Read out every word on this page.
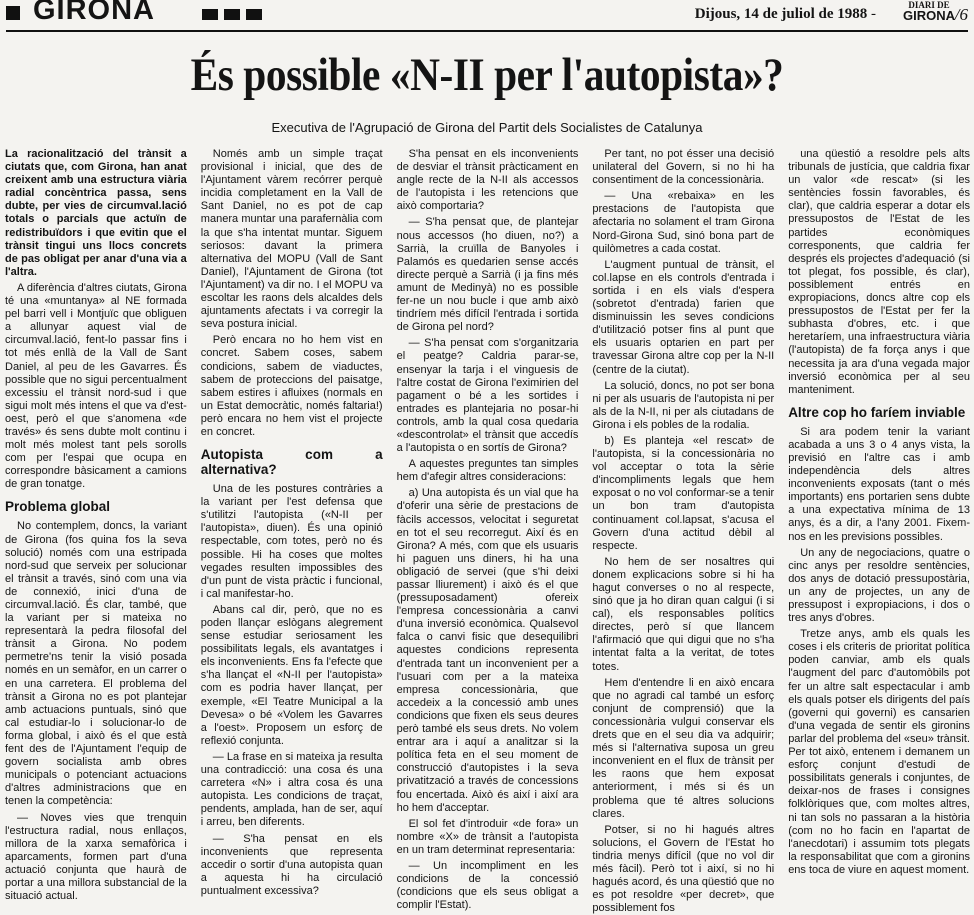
GIRONA	Dijous, 14 de juliol de 1988 -
DIARI DE
GIRONA /6
És possible «N-II per l'autopista»?
Executiva de l'Agrupació de Girona del Partit dels Socialistes de Catalunya

La racionalització del trànsit a ciutats que, com Girona, han anat creixent amb una estructura viària radial concèntrica passa, sens dubte, per vies de circumval.lació totals o parcials que actuïn de redistribuïdors i que evitin que el trànsit tingui uns llocs concrets de pas obligat per anar d'una via a l'altra.

A diferència d'altres ciutats, Girona té una «muntanya» al NE formada pel barri vell i Montjuïc que obliguen a allunyar aquest vial de circumval.lació, fent-lo passar fins i tot més enllà de la Vall de Sant Daniel, al peu de les Gavarres. És possible que no sigui percentualment excessiu el trànsit nord-sud i que sigui molt més intens el que va d'est-oest, però el que s'anomena «de través» és sens dubte molt continu i molt més molest tant pels sorolls com per l'espai que ocupa en correspondre bàsicament a camions de gran tonatge.

Problema global

No contemplem, doncs, la variant de Girona (fos quina fos la seva solució) només com una estripada nord-sud que serveix per solucionar el trànsit a través, sinó com una via de connexió, inici d'una de circumval.lació. És clar, també, que la variant per si mateixa no representarà la pedra filosofal del trànsit a Girona. No podem permetre'ns tenir la visió posada només en un semàfor, en un carrer o en una carretera. El problema del trànsit a Girona no es pot plantejar amb actuacions puntuals, sinó que cal estudiar-lo i solucionar-lo de forma global, i això és el que està fent des de l'Ajuntament l'equip de govern socialista amb obres municipals o potenciant actuacions d'altres administracions que en tenen la competència:

— Noves vies que trenquin l'estructura radial, nous enllaços, millora de la xarxa semafòrica i aparcaments, formen part d'una actuació conjunta que haurà de portar a una millora substancial de la situació actual.

Només amb un simple traçat provisional i inicial, que des de l'Ajuntament vàrem recórrer perquè incidia completament en la Vall de Sant Daniel, no es pot de cap manera muntar una parafernàlia com la que s'ha intentat muntar. Siguem seriosos: davant la primera alternativa del MOPU (Vall de Sant Daniel), l'Ajuntament de Girona (tot l'Ajuntament) va dir no. I el MOPU va escoltar les raons dels alcaldes dels ajuntaments afectats i va corregir la seva postura inicial.

Però encara no ho hem vist en concret. Sabem coses, sabem condicions, sabem de viaductes, sabem de proteccions del paisatge, sabem estires i afluixes (normals en un Estat democràtic, només faltaria!) però encara no hem vist el projecte en concret.

Autopista com a alternativa?

Una de les postures contràries a la variant per l'est defensa que s'utilitzi l'autopista («N-II per l'autopista», diuen). És una opinió respectable, com totes, però no és possible. Hi ha coses que moltes vegades resulten impossibles des d'un punt de vista pràctic i funcional, i cal manifestar-ho.

Abans cal dir, però, que no es poden llançar eslògans alegrement sense estudiar seriosament les possibilitats legals, els avantatges i els inconvenients. Ens fa l'efecte que s'ha llançat el «N-II per l'autopista» com es podria haver llançat, per exemple, «El Teatre Municipal a la Devesa» o bé «Volem les Gavarres a l'oest». Proposem un esforç de reflexió conjunta.

— La frase en si mateixa ja resulta una contradicció: una cosa és una carretera «N» i altra cosa és una autopista. Les condicions de traçat, pendents, amplada, han de ser, aquí i arreu, ben diferents.

— S'ha pensat en els inconvenients que representa accedir o sortir d'una autopista quan a aquesta hi ha circulació puntualment excessiva?

S'ha pensat en els inconvenients de desviar el trànsit pràcticament en angle recte de la N-II als accessos de l'autopista i les retencions que això comportaria?

— S'ha pensat que, de plantejar nous accessos (ho diuen, no?) a Sarrià, la cruïlla de Banyoles i Palamós es quedarien sense accés directe perquè a Sarrià (i ja fins més amunt de Medinyà) no es possible fer-ne un nou bucle i que amb això tindríem més difícil l'entrada i sortida de Girona pel nord?

— S'ha pensat com s'organitzaria el peatge? Caldria parar-se, ensenyar la tarja i el vinguesis de l'altre costat de Girona l'eximirien del pagament o bé a les sortides i entrades es plantejaria no posar-hi controls, amb la qual cosa quedaria «descontrolat» el trànsit que accedís a l'autopista o en sortís de Girona?

A aquestes preguntes tan simples hem d'afegir altres consideracions:

a) Una autopista és un vial que ha d'oferir una sèrie de prestacions de fàcils accessos, velocitat i seguretat en tot el seu recorregut. Així és en Girona? A més, com que els usuaris hi paguen uns diners, hi ha una obligació de servei (que s'hi deixi passar lliurement) i això és el que (pressuposadament) ofereix l'empresa concessionària a canvi d'una inversió econòmica. Qualsevol falca o canvi fisic que desequilibri aquestes condicions representa d'entrada tant un inconvenient per a l'usuari com per a la mateixa empresa concessionària, que accedeix a la concessió amb unes condicions que fixen els seus deures però també els seus drets. No volem entrar ara i aquí a analitzar si la política feta en el seu moment de construcció d'autopistes i la seva privatització a través de concessions fou encertada. Això és així i així ara ho hem d'acceptar.

El sol fet d'introduir «de fora» un nombre «X» de trànsit a l'autopista en un tram determinat representaria:

— Un incompliment en les condicions de la concessió (condicions que els seus obligat a complir l'Estat).

Per tant, no pot ésser una decisió unilateral del Govern, si no hi ha consentiment de la concessionària.

— Una «rebaixa» en les prestacions de l'autopista que afectaria no solament el tram Girona Nord-Girona Sud, sinó bona part de quilòmetres a cada costat.

L'augment puntual de trànsit, el col.lapse en els controls d'entrada i sortida i en els vials d'espera (sobretot d'entrada) farien que disminuissin les seves condicions d'utilització potser fins al punt que els usuaris optarien en part per travessar Girona altre cop per la N-II (centre de la ciutat).

La solució, doncs, no pot ser bona ni per als usuaris de l'autopista ni per als de la N-II, ni per als ciutadans de Girona i els pobles de la rodalia.

b) Es planteja «el rescat» de l'autopista, si la concessionària no vol acceptar o tota la sèrie d'incompliments legals que hem exposat o no vol conformar-se a tenir un bon tram d'autopista continuament col.lapsat, s'acusa el Govern d'una actitud dèbil al respecte.

No hem de ser nosaltres qui donem explicacions sobre si hi ha hagut converses o no al respecte, sinó que ja ho diran quan calgui (i si cal), els responsables polítics directes, però sí que llancem l'afirmació que qui digui que no s'ha intentat falta a la veritat, de totes totes.

Hem d'entendre li en això encara que no agradi cal també un esforç conjunt de comprensió) que la concessionària vulgui conservar els drets que en el seu dia va adquirir; més si l'alternativa suposa un greu inconvenient en el flux de trànsit per les raons que hem exposat anteriorment, i més si és un problema que té altres solucions clares.

Potser, si no hi hagués altres solucions, el Govern de l'Estat ho tindria menys difícil (que no vol dir més fàcil). Però tot i així, si no hi hagués acord, és una qüestió que no es pot resoldre «per decret», que possiblement fos

una qüestió a resoldre pels alts tribunals de justícia, que caldria fixar un valor «de rescat» (si les sentències fossin favorables, és clar), que caldria esperar a dotar els pressupostos de l'Estat de les partides econòmiques corresponents, que caldria fer després els projectes d'adequació (si tot plegat, fos possible, és clar), possiblement entrés en expropiacions, doncs altre cop els pressupostos de l'Estat per fer la subhasta d'obres, etc. i que heretaríem, una infraestructura viària (l'autopista) de fa força anys i que necessita ja ara d'una vegada major inversió econòmica per al seu manteniment.

Altre cop ho faríem inviable

Si ara podem tenir la variant acabada a uns 3 o 4 anys vista, la previsió en l'altre cas i amb independència dels altres inconvenients exposats (tant o més importants) ens portarien sens dubte a una expectativa mínima de 13 anys, és a dir, a l'any 2001. Fixem-nos en les previsions possibles.

Un any de negociacions, quatre o cinc anys per resoldre sentències, dos anys de dotació pressupostària, un any de projectes, un any de pressupost i expropiacions, i dos o tres anys d'obres.

Tretze anys, amb els quals les coses i els criteris de prioritat política poden canviar, amb els quals l'augment del parc d'automòbils pot fer un altre salt espectacular i amb els quals potser els dirigents del país (governi qui governi) es cansarien d'una vegada de sentir els gironins parlar del problema del «seu» trànsit. Per tot això, entenem i demanem un esforç conjunt d'estudi de possibilitats generals i conjuntes, de deixar-nos de frases i consignes folklòriques que, com moltes altres, ni tan sols no passaran a la història (com no ho facin en l'apartat de l'anecdotari) i assumim tots plegats la responsabilitat que com a gironins ens toca de viure en aquest moment.
